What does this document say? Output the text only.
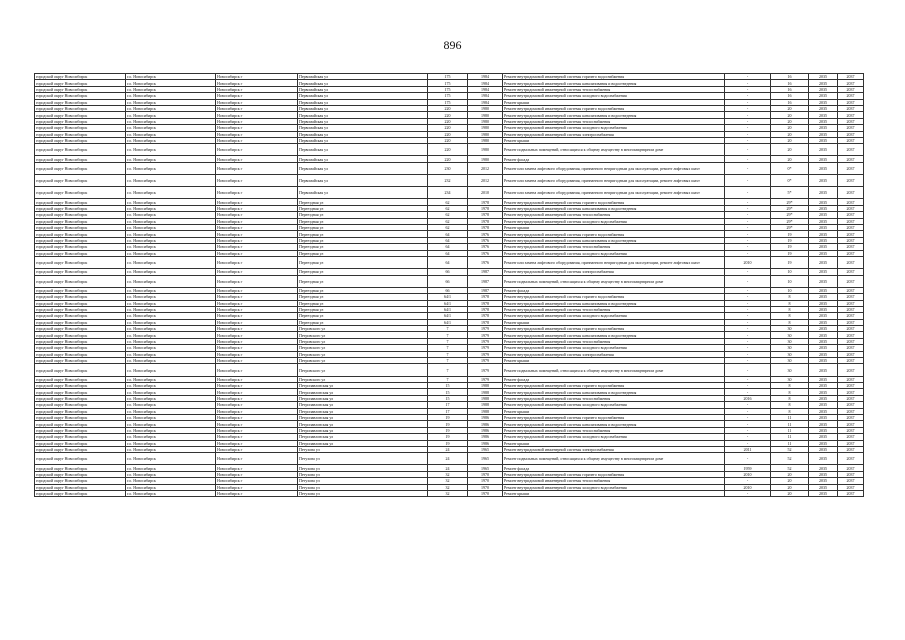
896
городской округ Новосибирск	г.о. Новосибирск	Новосибирск г	Первомайская ул	175	1984	Ремонт внутридомовой инженерной системы горячего водоснабжения	-	16	2035	2037
городской округ Новосибирск	г.о. Новосибирск	Новосибирск г	Первомайская ул	175	1984	Ремонт внутридомовой инженерной системы канализования и водоотведения	-	16	2035	2037
городской округ Новосибирск	г.о. Новосибирск	Новосибирск г	Первомайская ул	175	1984	Ремонт внутридомовой инженерной системы теплоснабжения	-	16	2035	2037
городской округ Новосибирск	г.о. Новосибирск	Новосибирск г	Первомайская ул	175	1984	Ремонт внутридомовой инженерной системы холодного водоснабжения	-	16	2035	2037
городской округ Новосибирск	г.о. Новосибирск	Новосибирск г	Первомайская ул	175	1984	Ремонт крыши	-	16	2035	2037
городской округ Новосибирск	г.о. Новосибирск	Новосибирск г	Первомайская ул	220	1980	Ремонт внутридомовой инженерной системы горячего водоснабжения	-	20	2035	2037
городской округ Новосибирск	г.о. Новосибирск	Новосибирск г	Первомайская ул	220	1980	Ремонт внутридомовой инженерной системы канализования и водоотведения	-	20	2035	2037
городской округ Новосибирск	г.о. Новосибирск	Новосибирск г	Первомайская ул	220	1980	Ремонт внутридомовой инженерной системы теплоснабжения	-	20	2035	2037
городской округ Новосибирск	г.о. Новосибирск	Новосибирск г	Первомайская ул	220	1980	Ремонт внутридомовой инженерной системы холодного водоснабжения	-	20	2035	2037
городской округ Новосибирск	г.о. Новосибирск	Новосибирск г	Первомайская ул	220	1980	Ремонт внутридомовой инженерной системы электроснабжения	-	20	2035	2037
городской округ Новосибирск	г.о. Новосибирск	Новосибирск г	Первомайская ул	220	1980	Ремонт крыши	-	20	2035	2037
городской округ Новосибирск	г.о. Новосибирск	Новосибирск г	Первомайская ул	220	1980	Ремонт подвальных помещений, относящихся к общему имуществу в многоквартирном доме	-	20	2035	2037
городской округ Новосибирск	г.о. Новосибирск	Новосибирск г	Первомайская ул	220	1980	Ремонт фасада	-	20	2035	2037
городской округ Новосибирск	г.о. Новосибирск	Новосибирск г	Первомайская ул	230	2012	Ремонт или замена лифтового оборудования, признанного непригодным для эксплуатации, ремонт лифтовых шахт	-	0*	2035	2037
городской округ Новосибирск	г.о. Новосибирск	Новосибирск г	Первомайская ул	232	2012	Ремонт или замена лифтового оборудования, признанного непригодным для эксплуатации, ремонт лифтовых шахт	-	0*	2035	2037
городской округ Новосибирск	г.о. Новосибирск	Новосибирск г	Первомайская ул	234	2010	Ремонт или замена лифтового оборудования, признанного непригодным для эксплуатации, ремонт лифтовых шахт	-	5*	2035	2037
городской округ Новосибирск	г.о. Новосибирск	Новосибирск г	Переездная ул	62	1978	Ремонт внутридомовой инженерной системы горячего водоснабжения	-	29*	2035	2037
городской округ Новосибирск	г.о. Новосибирск	Новосибирск г	Переездная ул	62	1978	Ремонт внутридомовой инженерной системы канализования и водоотведения	-	29*	2035	2037
городской округ Новосибирск	г.о. Новосибирск	Новосибирск г	Переездная ул	62	1978	Ремонт внутридомовой инженерной системы теплоснабжения	-	29*	2035	2037
городской округ Новосибирск	г.о. Новосибирск	Новосибирск г	Переездная ул	62	1978	Ремонт внутридомовой инженерной системы холодного водоснабжения	-	29*	2035	2037
городской округ Новосибирск	г.о. Новосибирск	Новосибирск г	Переездная ул	62	1978	Ремонт крыши	-	29*	2035	2037
городской округ Новосибирск	г.о. Новосибирск	Новосибирск г	Переездная ул	64	1976	Ремонт внутридомовой инженерной системы горячего водоснабжения	-	19	2035	2037
городской округ Новосибирск	г.о. Новосибирск	Новосибирск г	Переездная ул	64	1976	Ремонт внутридомовой инженерной системы канализования и водоотведения	-	19	2035	2037
городской округ Новосибирск	г.о. Новосибирск	Новосибирск г	Переездная ул	64	1976	Ремонт внутридомовой инженерной системы теплоснабжения	-	19	2035	2037
городской округ Новосибирск	г.о. Новосибирск	Новосибирск г	Переездная ул	64	1976	Ремонт внутридомовой инженерной системы холодного водоснабжения	-	19	2035	2037
городской округ Новосибирск	г.о. Новосибирск	Новосибирск г	Переездная ул	64	1976	Ремонт или замена лифтового оборудования, признанного непригодным для эксплуатации, ремонт лифтовых шахт	2010	19	2035	2037
городской округ Новосибирск	г.о. Новосибирск	Новосибирск г	Переездная ул	66	1987	Ремонт внутридомовой инженерной системы электроснабжения	-	10	2035	2037
городской округ Новосибирск	г.о. Новосибирск	Новосибирск г	Переездная ул	66	1987	Ремонт подвальных помещений, относящихся к общему имуществу в многоквартирном доме	-	10	2035	2037
городской округ Новосибирск	г.о. Новосибирск	Новосибирск г	Переездная ул	66	1987	Ремонт фасада	-	10	2035	2037
городской округ Новосибирск	г.о. Новосибирск	Новосибирск г	Переездная ул	64/1	1978	Ремонт внутридомовой инженерной системы горячего водоснабжения	-	8	2035	2037
городской округ Новосибирск	г.о. Новосибирск	Новосибирск г	Переездная ул	64/1	1978	Ремонт внутридомовой инженерной системы канализования и водоотведения	-	8	2035	2037
городской округ Новосибирск	г.о. Новосибирск	Новосибирск г	Переездная ул	64/1	1978	Ремонт внутридомовой инженерной системы теплоснабжения	-	8	2035	2037
городской округ Новосибирск	г.о. Новосибирск	Новосибирск г	Переездная ул	64/1	1978	Ремонт внутридомовой инженерной системы холодного водоснабжения	-	8	2035	2037
городской округ Новосибирск	г.о. Новосибирск	Новосибирск г	Переездная ул	64/1	1978	Ремонт крыши	-	8	2035	2037
городской округ Новосибирск	г.о. Новосибирск	Новосибирск г	Петровского ул	7	1979	Ремонт внутридомовой инженерной системы горячего водоснабжения	-	30	2035	2037
городской округ Новосибирск	г.о. Новосибирск	Новосибирск г	Петровского ул	7	1979	Ремонт внутридомовой инженерной системы канализования и водоотведения	-	30	2035	2037
городской округ Новосибирск	г.о. Новосибирск	Новосибирск г	Петровского ул	7	1979	Ремонт внутридомовой инженерной системы теплоснабжения	-	30	2035	2037
городской округ Новосибирск	г.о. Новосибирск	Новосибирск г	Петровского ул	7	1979	Ремонт внутридомовой инженерной системы холодного водоснабжения	-	30	2035	2037
городской округ Новосибирск	г.о. Новосибирск	Новосибирск г	Петровского ул	7	1979	Ремонт внутридомовой инженерной системы электроснабжения	-	30	2035	2037
городской округ Новосибирск	г.о. Новосибирск	Новосибирск г	Петровского ул	7	1979	Ремонт крыши	-	30	2035	2037
городской округ Новосибирск	г.о. Новосибирск	Новосибирск г	Петровского ул	7	1979	Ремонт подвальных помещений, относящихся к общему имуществу в многоквартирном доме	-	30	2035	2037
городской округ Новосибирск	г.о. Новосибирск	Новосибирск г	Петровского ул	7	1979	Ремонт фасада	-	30	2035	2037
городской округ Новосибирск	г.о. Новосибирск	Новосибирск г	Петропавловская ул	15	1988	Ремонт внутридомовой инженерной системы горячего водоснабжения	-	8	2035	2037
городской округ Новосибирск	г.о. Новосибирск	Новосибирск г	Петропавловская ул	15	1988	Ремонт внутридомовой инженерной системы канализования и водоотведения	-	8	2035	2037
городской округ Новосибирск	г.о. Новосибирск	Новосибирск г	Петропавловская ул	15	1988	Ремонт внутридомовой инженерной системы теплоснабжения	2016	8	2035	2037
городской округ Новосибирск	г.о. Новосибирск	Новосибирск г	Петропавловская ул	17	1988	Ремонт внутридомовой инженерной системы холодного водоснабжения	-	8	2035	2037
городской округ Новосибирск	г.о. Новосибирск	Новосибирск г	Петропавловская ул	17	1988	Ремонт крыши	-	8	2035	2037
городской округ Новосибирск	г.о. Новосибирск	Новосибирск г	Петропавловская ул	19	1986	Ремонт внутридомовой инженерной системы горячего водоснабжения	-	11	2035	2037
городской округ Новосибирск	г.о. Новосибирск	Новосибирск г	Петропавловская ул	19	1986	Ремонт внутридомовой инженерной системы канализования и водоотведения	-	11	2035	2037
городской округ Новосибирск	г.о. Новосибирск	Новосибирск г	Петропавловская ул	19	1986	Ремонт внутридомовой инженерной системы теплоснабжения	-	11	2035	2037
городской округ Новосибирск	г.о. Новосибирск	Новосибирск г	Петропавловская ул	19	1986	Ремонт внутридомовой инженерной системы холодного водоснабжения	-	11	2035	2037
городской округ Новосибирск	г.о. Новосибирск	Новосибирск г	Петропавловская ул	19	1986	Ремонт крыши	-	11	2035	2037
городской округ Новосибирск	г.о. Новосибирск	Новосибирск г	Петухова ул	24	1965	Ремонт внутридомовой инженерной системы электроснабжения	2011	52	2035	2037
городской округ Новосибирск	г.о. Новосибирск	Новосибирск г	Петухова ул	24	1965	Ремонт подвальных помещений, относящихся к общему имуществу в многоквартирном доме	-	52	2035	2037
городской округ Новосибирск	г.о. Новосибирск	Новосибирск г	Петухова ул	24	1965	Ремонт фасада	1959	52	2035	2037
городской округ Новосибирск	г.о. Новосибирск	Новосибирск г	Петухова ул	32	1970	Ремонт внутридомовой инженерной системы горячего водоснабжения	2010	20	2035	2037
городской округ Новосибирск	г.о. Новосибирск	Новосибирск г	Петухова ул	32	1970	Ремонт внутридомовой инженерной системы теплоснабжения	-	20	2035	2037
городской округ Новосибирск	г.о. Новосибирск	Новосибирск г	Петухова ул	32	1970	Ремонт внутридомовой инженерной системы холодного водоснабжения	2010	20	2035	2037
городской округ Новосибирск	г.о. Новосибирск	Новосибирск г	Петухова ул	32	1970	Ремонт крыши	-	20	2035	2037
